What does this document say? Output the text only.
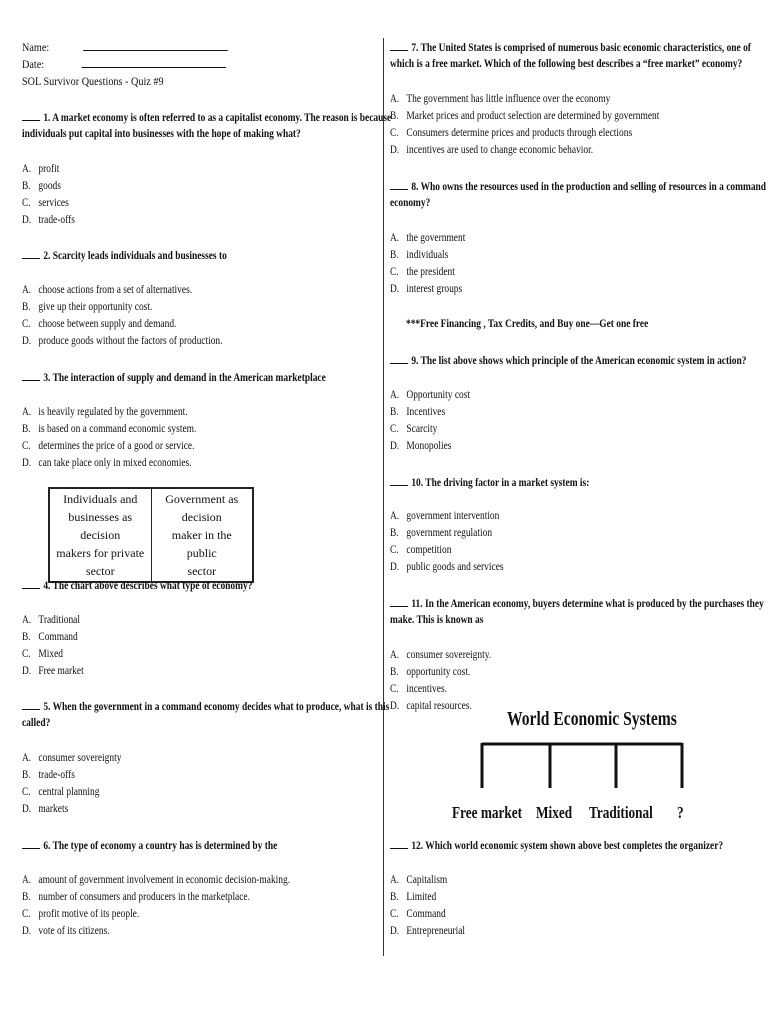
Name:
Date:
SOL Survivor Questions - Quiz #9
1. A market economy is often referred to as a capitalist economy. The reason is because
individuals put capital into businesses with the hope of making what?
A. profit
B. goods
C. services
D. trade-offs
2. Scarcity leads individuals and businesses to
A. choose actions from a set of alternatives.
B. give up their opportunity cost.
C. choose between supply and demand.
D. produce goods without the factors of production.
3. The interaction of supply and demand in the American marketplace
A. is heavily regulated by the government.
B. is based on a command economic system.
C. determines the price of a good or service.
D. can take place only in mixed economies.
Individuals and
businesses as decision
makers for private sector

Government as decision
maker in the public
sector
4. The chart above describes what type of economy?
A. Traditional
B. Command
C. Mixed
D. Free market
5. When the government in a command economy decides what to produce, what is this
called?
A. consumer sovereignty
B. trade-offs
C. central planning
D. markets
6. The type of economy a country has is determined by the
A. amount of government involvement in economic decision-making.
B. number of consumers and producers in the marketplace.
C. profit motive of its people.
D. vote of its citizens.
7. The United States is comprised of numerous basic economic characteristics, one of
which is a free market. Which of the following best describes a “free market” economy?
A. The government has little influence over the economy
B. Market prices and product selection are determined by government
C. Consumers determine prices and products through elections
D. incentives are used to change economic behavior.
8. Who owns the resources used in the production and selling of resources in a command
economy?
A. the government
B. individuals
C. the president
D. interest groups
***Free Financing , Tax Credits, and Buy one—Get one free
9. The list above shows which principle of the American economic system in action?
A. Opportunity cost
B. Incentives
C. Scarcity
D. Monopolies
10. The driving factor in a market system is:
A. government intervention
B. government regulation
C. competition
D. public goods and services
11. In the American economy, buyers determine what is produced by the purchases they
make. This is known as
A. consumer sovereignty.
B. opportunity cost.
C. incentives.
D. capital resources.
World Economic Systems
Free market Mixed Traditional ?
12. Which world economic system shown above best completes the organizer?
A. Capitalism
B. Limited
C. Command
D. Entrepreneurial
